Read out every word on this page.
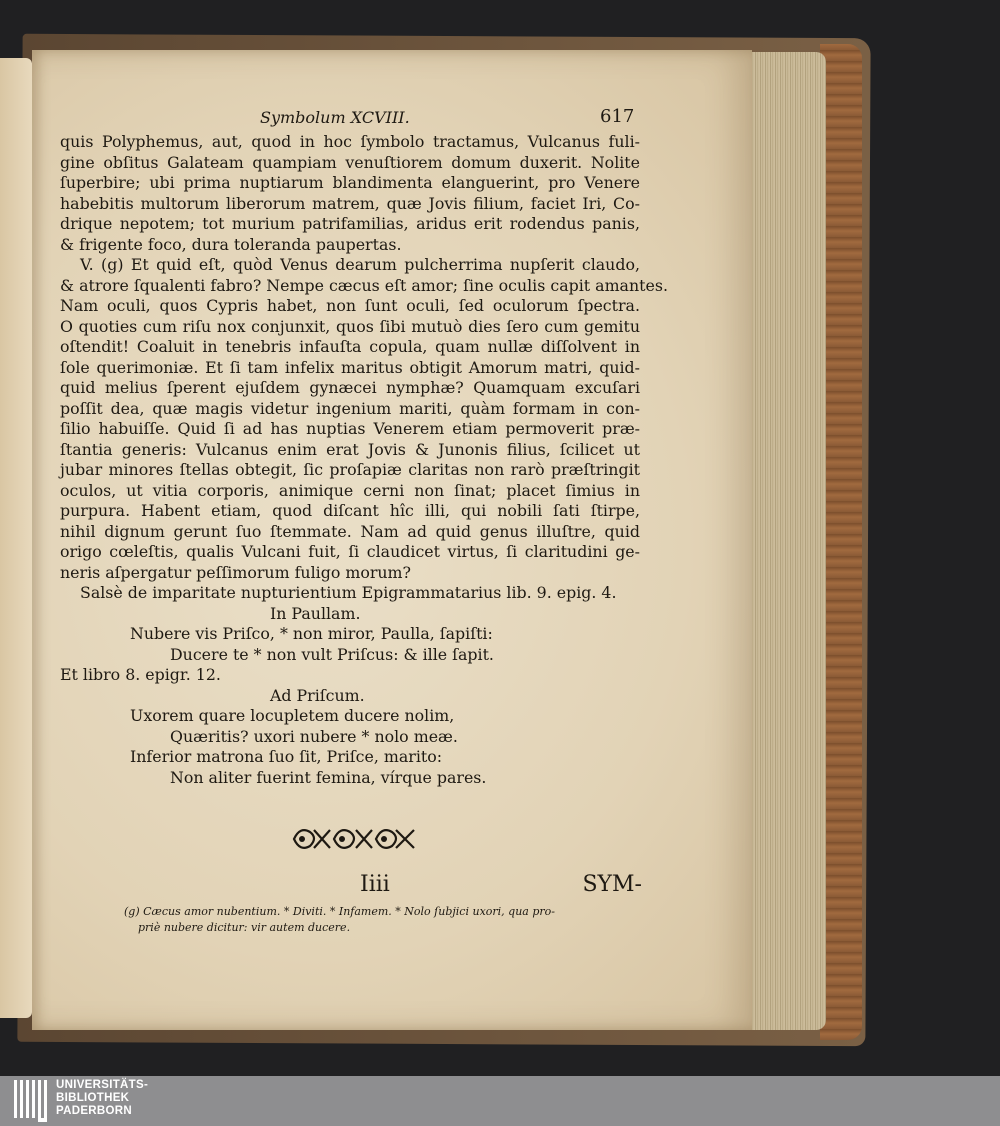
Symbolum XCVIII.	617
quis Polyphemus, aut, quod in hoc ſymbolo tractamus, Vulcanus fuli-
gine obſitus Galateam quampiam venuſtiorem domum duxerit. Nolite
ſuperbire; ubi prima nuptiarum blandimenta elanguerint, pro Venere
habebitis multorum liberorum matrem, quæ Jovis filium, faciet Iri, Co-
drique nepotem; tot murium patrifamilias, aridus erit rodendus panis,
& frigente foco, dura toleranda paupertas.
V. (g) Et quid eſt, quòd Venus dearum pulcherrima nupſerit claudo,
& atrore ſqualenti fabro? Nempe cæcus eſt amor; ſine oculis capit amantes.
Nam oculi, quos Cypris habet, non ſunt oculi, ſed oculorum ſpectra.
O quoties cum riſu nox conjunxit, quos ſibi mutuò dies ſero cum gemitu
oſtendit! Coaluit in tenebris infauſta copula, quam nullæ diſſolvent in
ſole querimoniæ. Et ſi tam infelix maritus obtigit Amorum matri, quid-
quid melius ſperent ejuſdem gynæcei nymphæ? Quamquam excuſari
poſſit dea, quæ magis videtur ingenium mariti, quàm formam in con-
ſilio habuiſſe. Quid ſi ad has nuptias Venerem etiam permoverit præ-
ſtantia generis: Vulcanus enim erat Jovis & Junonis filius, ſcilicet ut
jubar minores ſtellas obtegit, ſic proſapiæ claritas non rarò præſtringit
oculos, ut vitia corporis, animique cerni non ſinat; placet ſimius in
purpura. Habent etiam, quod diſcant hîc illi, qui nobili ſati ſtirpe,
nihil dignum gerunt ſuo ſtemmate. Nam ad quid genus illuſtre, quid
origo cœleſtis, qualis Vulcani fuit, ſi claudicet virtus, ſi claritudini ge-
neris aſpergatur peſſimorum fuligo morum?
Salsè de imparitate nupturientium Epigrammatarius lib. 9. epig. 4.
In Paullam.
Nubere vis Priſco, * non miror, Paulla, ſapiſti:
Ducere te * non vult Priſcus: & ille ſapit.
Et libro 8. epigr. 12.
Ad Priſcum.
Uxorem quare locupletem ducere nolim,
Quæritis? uxori nubere * nolo meæ.
Inferior matrona ſuo ſit, Priſce, marito:
Non aliter fuerint femina, vírque pares.
Iiii	SYM-
(g) Cæcus amor nubentium. * Diviti. * Infamem. * Nolo ſubjici uxori, qua pro-
priè nubere dicitur: vir autem ducere.
UNIVERSITÄTS-
BIBLIOTHEK
PADERBORN
